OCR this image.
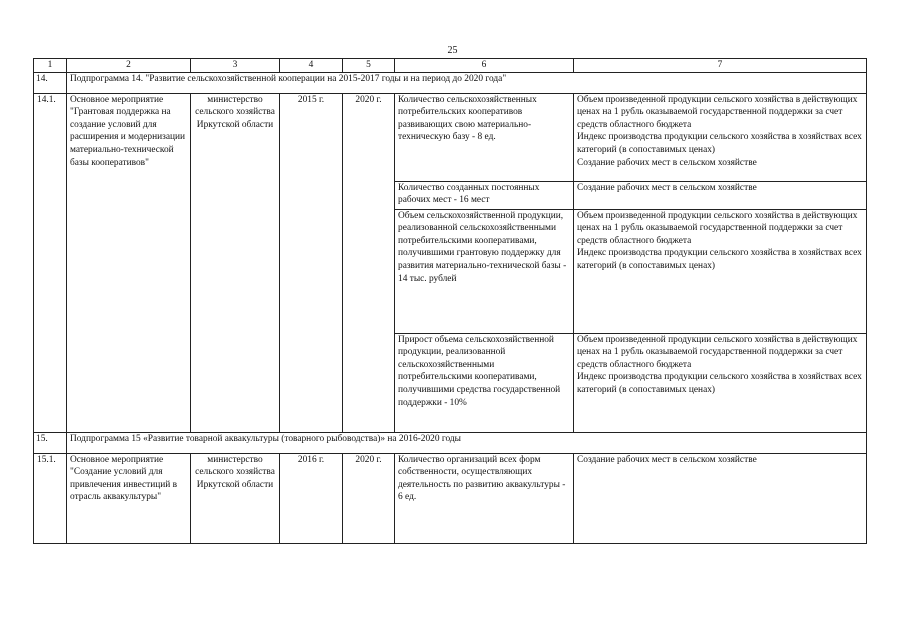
25
1	2	3	4	5	6	7
14.	Подпрограмма 14. "Развитие сельскохозяйственной кооперации на 2015-2017 годы и на период до 2020 года"					
14.1.	Основное мероприятие "Грантовая поддержка на создание условий для расширения и модернизации материально-технической базы кооперативов"	министерство сельского хозяйства Иркутской области	2015 г.	2020 г.	Количество сельскохозяйственных потребительских кооперативов развивающих свою материально-техническую базу - 8 ед.	Объем произведенной продукции сельского хозяйства в действующих ценах на 1 рубль оказываемой государственной поддержки за счет средств областного бюджета
Индекс производства продукции сельского хозяйства в хозяйствах всех категорий (в сопоставимых ценах)
Создание рабочих мест в сельском хозяйстве

					Количество созданных постоянных рабочих мест - 16 мест	Создание рабочих мест в сельском хозяйстве
					Объем сельскохозяйственной продукции, реализованной сельскохозяйственными потребительскими кооперативами, получившими грантовую поддержку для развития материально-технической базы - 14 тыс. рублей	Объем произведенной продукции сельского хозяйства в действующих ценах на 1 рубль оказываемой государственной поддержки за счет средств областного бюджета
Индекс производства продукции сельского хозяйства в хозяйствах всех категорий (в сопоставимых ценах)
					Прирост объема сельскохозяйственной продукции, реализованной сельскохозяйственными потребительскими кооперативами, получившими средства государственной поддержки - 10%	Объем произведенной продукции сельского хозяйства в действующих ценах на 1 рубль оказываемой государственной поддержки за счет средств областного бюджета
Индекс производства продукции сельского хозяйства в хозяйствах всех категорий (в сопоставимых ценах)
15.	Подпрограмма 15 «Развитие товарной аквакультуры (товарного рыбоводства)» на 2016-2020 годы					
15.1.	Основное мероприятие "Создание условий для привлечения инвестиций в отрасль аквакультуры"	министерство сельского хозяйства Иркутской области	2016 г.	2020 г.	Количество организаций всех форм собственности, осуществляющих деятельность по развитию аквакультуры - 6 ед.	Создание рабочих мест в сельском хозяйстве
